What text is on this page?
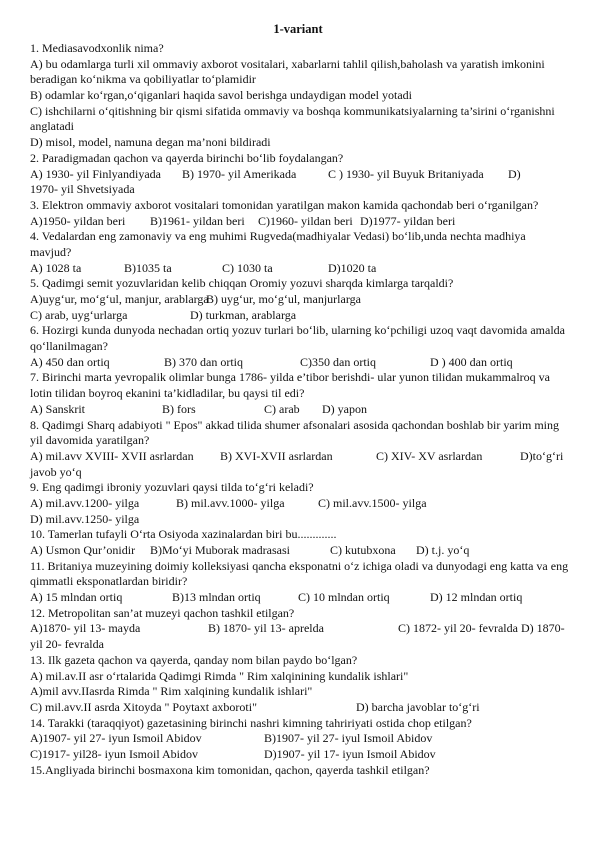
1-variant
1. Mediasavodxonlik nima?
A) bu odamlarga turli xil ommaviy axborot vositalari, xabarlarni tahlil qilish,baholash va yaratish imkonini
beradigan ko‘nikma va qobiliyatlar to‘plamidir
B) odamlar ko‘rgan,o‘qiganlari haqida savol berishga undaydigan model yotadi
C) ishchilarni o‘qitishning bir qismi sifatida ommaviy va boshqa kommunikatsiyalarning ta’sirini o‘rganishni
anglatadi
D) misol, model, namuna degan ma’noni bildiradi
2. Paradigmadan qachon va qayerda birinchi bo‘lib foydalangan?
A) 1930- yil Finlyandiyada B) 1970- yil Amerikada	C ) 1930- yil Buyuk Britaniyada D)
1970- yil Shvetsiyada
3. Elektron ommaviy axborot vositalari tomonidan yaratilgan makon kamida qachondab beri o‘rganilgan?
A)1950- yildan beri B)1961- yildan beri C)1960- yildan beri D)1977- yildan beri
4. Vedalardan eng zamonaviy va eng muhimi Rugveda(madhiyalar Vedasi) bo‘lib,unda nechta madhiya
mavjud?
A) 1028 ta	B)1035 ta	C) 1030 ta	D)1020 ta
5. Qadimgi semit yozuvlaridan kelib chiqqan Oromiy yozuvi sharqda kimlarga tarqaldi?
A)uyg‘ur, mo‘g‘ul, manjur, arablarga
B) uyg‘ur, mo‘g‘ul, manjurlarga
C) arab, uyg‘urlarga	D) turkman, arablarga
6. Hozirgi kunda dunyoda nechadan ortiq yozuv turlari bo‘lib, ularning ko‘pchiligi uzoq vaqt davomida amalda
qo‘llanilmagan?
A) 450 dan ortiq	B) 370 dan ortiq	C)350 dan ortiq	D ) 400 dan ortiq
7. Birinchi marta yevropalik olimlar bunga 1786- yilda e’tibor berishdi- ular yunon tilidan mukammalroq va
lotin tilidan boyroq ekanini ta’kidladilar, bu qaysi til edi?
A) Sanskrit	B) fors	C) arab D) yapon
8. Qadimgi Sharq adabiyoti " Epos" akkad tilida shumer afsonalari asosida qachondan boshlab bir yarim ming
yil davomida yaratilgan?
A) mil.avv XVIII- XVII asrlardan B) XVI-XVII asrlardan	C) XIV- XV asrlardan	D)to‘g‘ri
javob yo‘q
9. Eng qadimgi ibroniy yozuvlari qaysi tilda to‘g‘ri keladi?
A) mil.avv.1200- yilga	B) mil.avv.1000- yilga	C) mil.avv.1500- yilga
D) mil.avv.1250- yilga
10. Tamerlan tufayli O‘rta Osiyoda xazinalardan biri bu.............
A) Usmon Qur’onidir B)Mo‘yi Muborak madrasasi	C) kutubxona D) t.j. yo‘q
11. Britaniya muzeyining doimiy kolleksiyasi qancha eksponatni o‘z ichiga oladi va dunyodagi eng katta va eng
qimmatli eksponatlardan biridir?
A) 15 mlndan ortiq	B)13 mlndan ortiq	C) 10 mlndan ortiq	D) 12 mlndan ortiq
12. Metropolitan san’at muzeyi qachon tashkil etilgan?
A)1870- yil 13- mayda	B) 1870- yil 13- aprelda	C) 1872- yil 20- fevralda D) 1870-
yil 20- fevralda
13. Ilk gazeta qachon va qayerda, qanday nom bilan paydo bo‘lgan?
A) mil.av.II asr o‘rtalarida Qadimgi Rimda " Rim xalqinining kundalik ishlari"
A)mil avv.IIasrda Rimda " Rim xalqining kundalik ishlari"
C) mil.avv.II asrda Xitoyda " Poytaxt axboroti"	D) barcha javoblar to‘g‘ri
14. Tarakki (taraqqiyot) gazetasining birinchi nashri kimning tahririyati ostida chop etilgan?
A)1907- yil 27- iyun Ismoil Abidov	B)1907- yil 27- iyul Ismoil Abidov
C)1917- yil28- iyun Ismoil Abidov	D)1907- yil 17- iyun Ismoil Abidov
15.Angliyada birinchi bosmaxona kim tomonidan, qachon, qayerda tashkil etilgan?
